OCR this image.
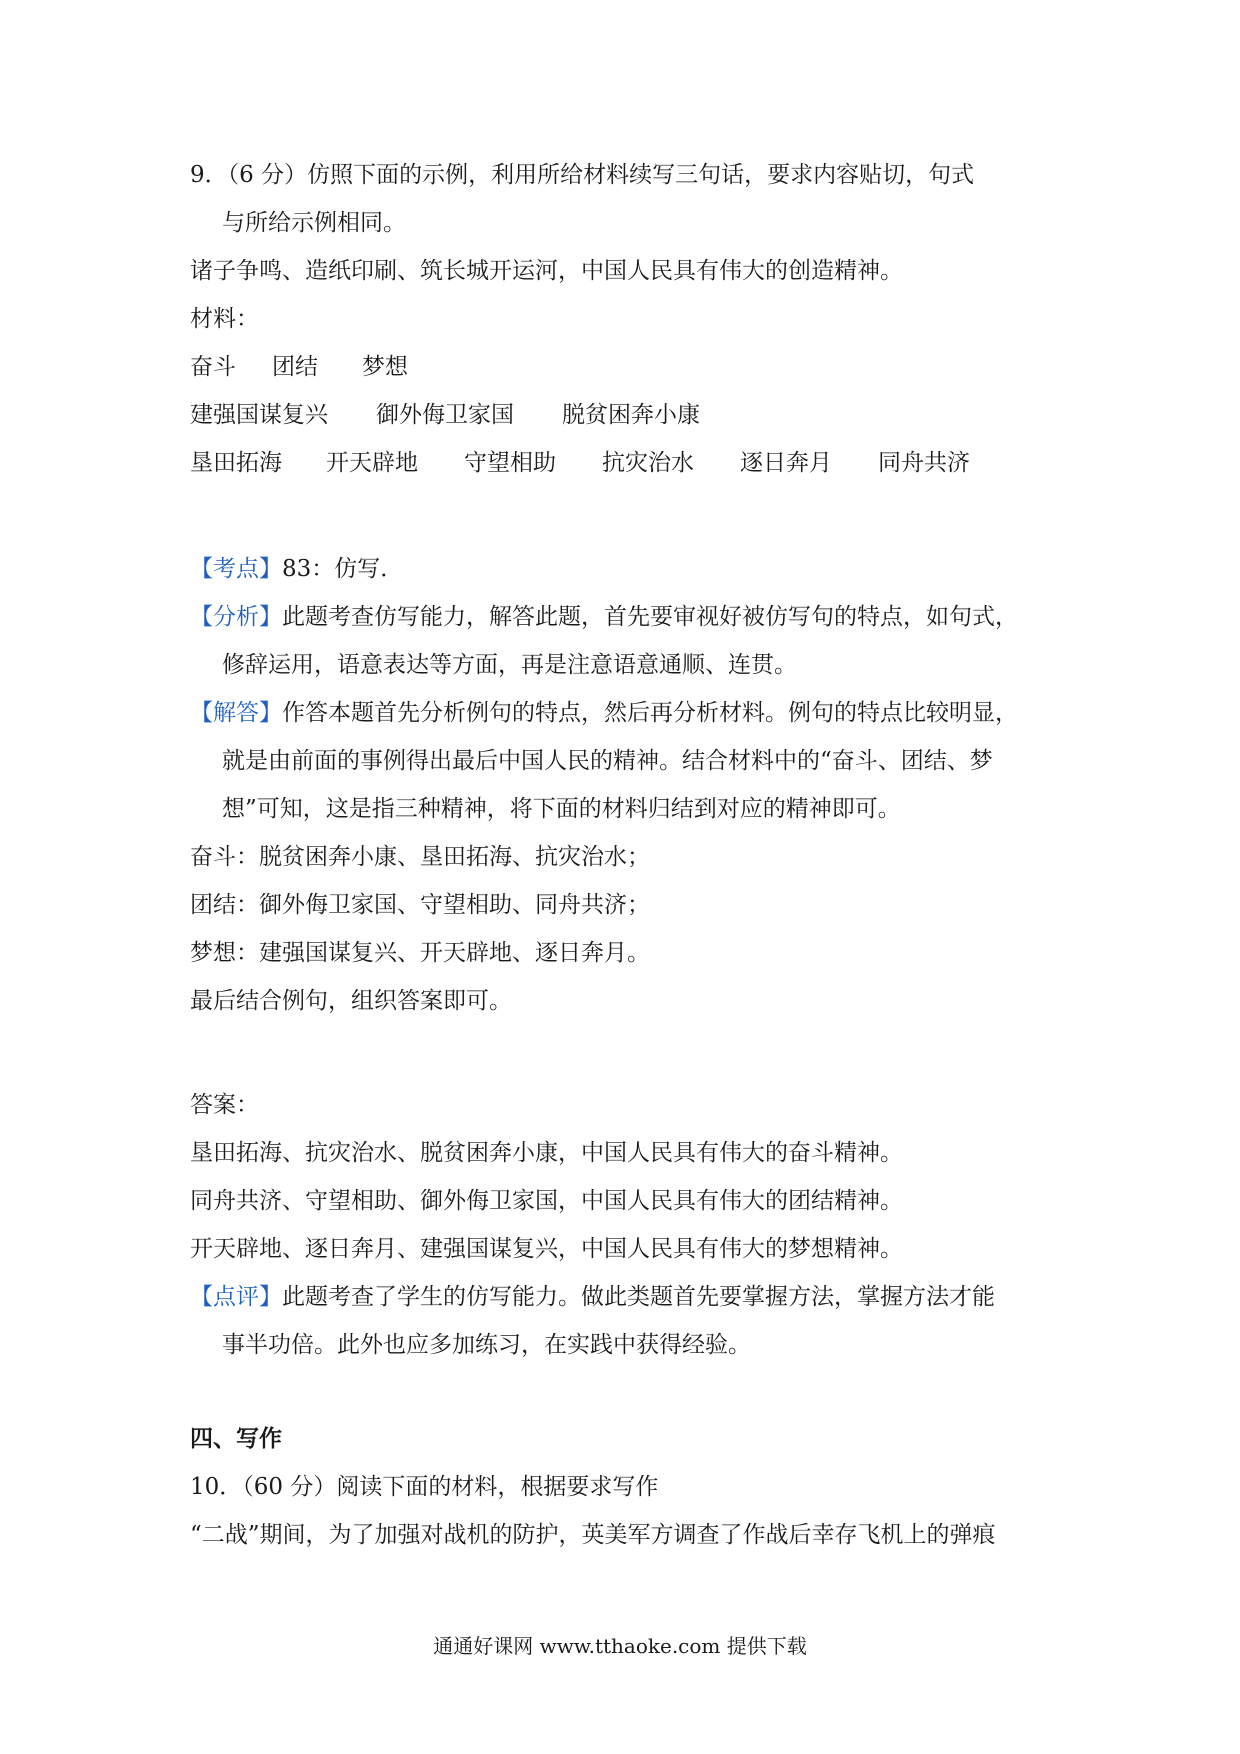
9．（6 分）仿照下面的示例，利用所给材料续写三句话，要求内容贴切，句式
与所给示例相同。
诸子争鸣、造纸印刷、筑长城开运河，中国人民具有伟大的创造精神。
材料：
奋斗 团结 梦想
建强国谋复兴 御外侮卫家国 脱贫困奔小康
垦田拓海 开天辟地 守望相助 抗灾治水 逐日奔月 同舟共济
【考点】83：仿写．
【分析】此题考查仿写能力，解答此题，首先要审视好被仿写句的特点，如句式，
修辞运用，语意表达等方面，再是注意语意通顺、连贯。
【解答】作答本题首先分析例句的特点，然后再分析材料。例句的特点比较明显，
就是由前面的事例得出最后中国人民的精神。结合材料中的“奋斗、团结、梦
想”可知，这是指三种精神，将下面的材料归结到对应的精神即可。
奋斗：脱贫困奔小康、垦田拓海、抗灾治水；
团结：御外侮卫家国、守望相助、同舟共济；
梦想：建强国谋复兴、开天辟地、逐日奔月。
最后结合例句，组织答案即可。
答案：
垦田拓海、抗灾治水、脱贫困奔小康，中国人民具有伟大的奋斗精神。
同舟共济、守望相助、御外侮卫家国，中国人民具有伟大的团结精神。
开天辟地、逐日奔月、建强国谋复兴，中国人民具有伟大的梦想精神。
【点评】此题考查了学生的仿写能力。做此类题首先要掌握方法，掌握方法才能
事半功倍。此外也应多加练习，在实践中获得经验。
四、写作
10．（60 分）阅读下面的材料，根据要求写作
“二战”期间，为了加强对战机的防护，英美军方调查了作战后幸存飞机上的弹痕
通通好课网 www.tthaoke.com 提供下载
